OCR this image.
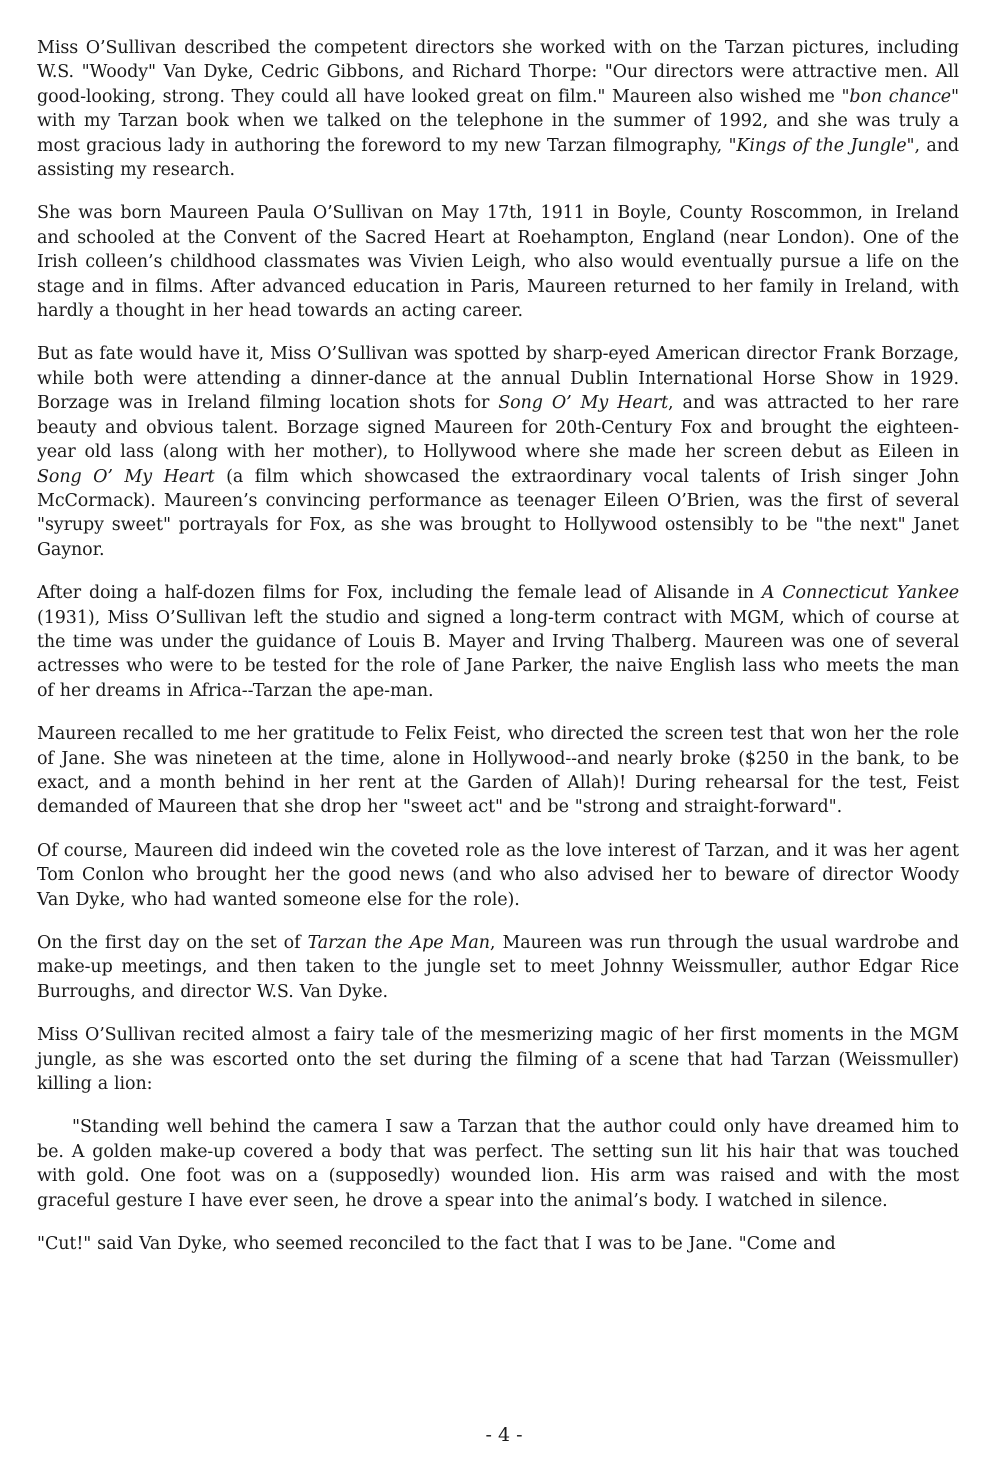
Miss O’Sullivan described the competent directors she worked with on the Tarzan pictures, including W.S. "Woody" Van Dyke, Cedric Gibbons, and Richard Thorpe: "Our directors were attractive men. All good-looking, strong. They could all have looked great on film." Maureen also wished me "bon chance" with my Tarzan book when we talked on the telephone in the summer of 1992, and she was truly a most gracious lady in authoring the foreword to my new Tarzan filmography, "Kings of the Jungle", and assisting my research.

She was born Maureen Paula O’Sullivan on May 17th, 1911 in Boyle, County Roscommon, in Ireland and schooled at the Convent of the Sacred Heart at Roehampton, England (near London). One of the Irish colleen’s childhood classmates was Vivien Leigh, who also would eventually pursue a life on the stage and in films. After advanced education in Paris, Maureen returned to her family in Ireland, with hardly a thought in her head towards an acting career.

But as fate would have it, Miss O’Sullivan was spotted by sharp-eyed American director Frank Borzage, while both were attending a dinner-dance at the annual Dublin International Horse Show in 1929. Borzage was in Ireland filming location shots for Song O’ My Heart, and was attracted to her rare beauty and obvious talent. Borzage signed Maureen for 20th-Century Fox and brought the eighteen-year old lass (along with her mother), to Hollywood where she made her screen debut as Eileen in Song O’ My Heart (a film which showcased the extraordinary vocal talents of Irish singer John McCormack). Maureen’s convincing performance as teenager Eileen O’Brien, was the first of several "syrupy sweet" portrayals for Fox, as she was brought to Hollywood ostensibly to be "the next" Janet Gaynor.

After doing a half-dozen films for Fox, including the female lead of Alisande in A Connecticut Yankee (1931), Miss O’Sullivan left the studio and signed a long-term contract with MGM, which of course at the time was under the guidance of Louis B. Mayer and Irving Thalberg. Maureen was one of several actresses who were to be tested for the role of Jane Parker, the naive English lass who meets the man of her dreams in Africa--Tarzan the ape-man.

Maureen recalled to me her gratitude to Felix Feist, who directed the screen test that won her the role of Jane. She was nineteen at the time, alone in Hollywood--and nearly broke ($250 in the bank, to be exact, and a month behind in her rent at the Garden of Allah)! During rehearsal for the test, Feist demanded of Maureen that she drop her "sweet act" and be "strong and straight-forward".

Of course, Maureen did indeed win the coveted role as the love interest of Tarzan, and it was her agent Tom Conlon who brought her the good news (and who also advised her to beware of director Woody Van Dyke, who had wanted someone else for the role).

On the first day on the set of Tarzan the Ape Man, Maureen was run through the usual wardrobe and make-up meetings, and then taken to the jungle set to meet Johnny Weissmuller, author Edgar Rice Burroughs, and director W.S. Van Dyke.

Miss O’Sullivan recited almost a fairy tale of the mesmerizing magic of her first moments in the MGM jungle, as she was escorted onto the set during the filming of a scene that had Tarzan (Weissmuller) killing a lion:

"Standing well behind the camera I saw a Tarzan that the author could only have dreamed him to be. A golden make-up covered a body that was perfect. The setting sun lit his hair that was touched with gold. One foot was on a (supposedly) wounded lion. His arm was raised and with the most graceful gesture I have ever seen, he drove a spear into the animal’s body. I watched in silence.

"Cut!" said Van Dyke, who seemed reconciled to the fact that I was to be Jane. "Come and

- 4 -
